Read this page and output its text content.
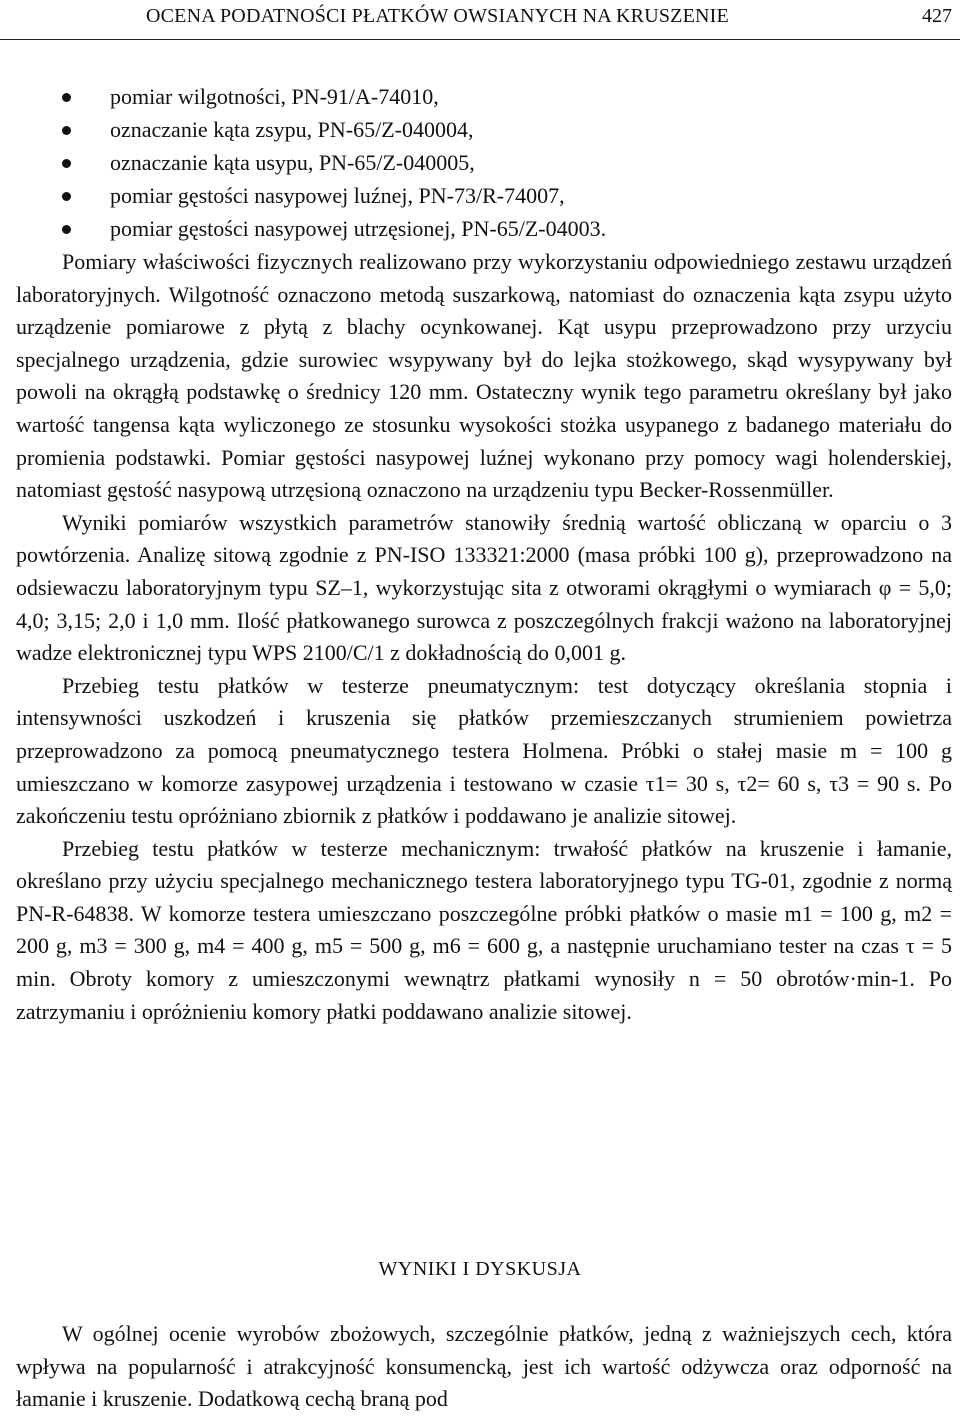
OCENA PODATNOŚCI PŁATKÓW OWSIANYCH NA KRUSZENIE	427
pomiar wilgotności, PN-91/A-74010,
oznaczanie kąta zsypu, PN-65/Z-040004,
oznaczanie kąta usypu, PN-65/Z-040005,
pomiar gęstości nasypowej luźnej, PN-73/R-74007,
pomiar gęstości nasypowej utrzęsionej, PN-65/Z-04003.

Pomiary właściwości fizycznych realizowano przy wykorzystaniu odpowiedniego zestawu urządzeń laboratoryjnych. Wilgotność oznaczono metodą suszarkową, natomiast do oznaczenia kąta zsypu użyto urządzenie pomiarowe z płytą z blachy ocynkowanej. Kąt usypu przeprowadzono przy urzyciu specjalnego urządzenia, gdzie surowiec wsypywany był do lejka stożkowego, skąd wysypywany był powoli na okrągłą podstawkę o średnicy 120 mm. Ostateczny wynik tego parametru określany był jako wartość tangensa kąta wyliczonego ze stosunku wysokości stożka usypanego z badanego materiału do promienia podstawki. Pomiar gęstości nasypowej luźnej wykonano przy pomocy wagi holenderskiej, natomiast gęstość nasypową utrzęsioną oznaczono na urządzeniu typu Becker-Rossenmüller.

Wyniki pomiarów wszystkich parametrów stanowiły średnią wartość obliczaną w oparciu o 3 powtórzenia. Analizę sitową zgodnie z PN-ISO 133321:2000 (masa próbki 100 g), przeprowadzono na odsiewaczu laboratoryjnym typu SZ–1, wykorzystując sita z otworami okrągłymi o wymiarach φ = 5,0; 4,0; 3,15; 2,0 i 1,0 mm. Ilość płatkowanego surowca z poszczególnych frakcji ważono na laboratoryjnej wadze elektronicznej typu WPS 2100/C/1 z dokładnością do 0,001 g.

Przebieg testu płatków w testerze pneumatycznym: test dotyczący określania stopnia i intensywności uszkodzeń i kruszenia się płatków przemieszczanych strumieniem powietrza przeprowadzono za pomocą pneumatycznego testera Holmena. Próbki o stałej masie m = 100 g umieszczano w komorze zasypowej urządzenia i testowano w czasie τ1= 30 s, τ2= 60 s, τ3 = 90 s. Po zakończeniu testu opróżniano zbiornik z płatków i poddawano je analizie sitowej.

Przebieg testu płatków w testerze mechanicznym: trwałość płatków na kruszenie i łamanie, określano przy użyciu specjalnego mechanicznego testera laboratoryjnego typu TG-01, zgodnie z normą PN-R-64838. W komorze testera umieszczano poszczególne próbki płatków o masie m1 = 100 g, m2 = 200 g, m3 = 300 g, m4 = 400 g, m5 = 500 g, m6 = 600 g, a następnie uruchamiano tester na czas τ = 5 min. Obroty komory z umieszczonymi wewnątrz płatkami wynosiły n = 50 obrotów·min-1. Po zatrzymaniu i opróżnieniu komory płatki poddawano analizie sitowej.

WYNIKI I DYSKUSJA

W ogólnej ocenie wyrobów zbożowych, szczególnie płatków, jedną z ważniejszych cech, która wpływa na popularność i atrakcyjność konsumencką, jest ich wartość odżywcza oraz odporność na łamanie i kruszenie. Dodatkową cechą braną pod
